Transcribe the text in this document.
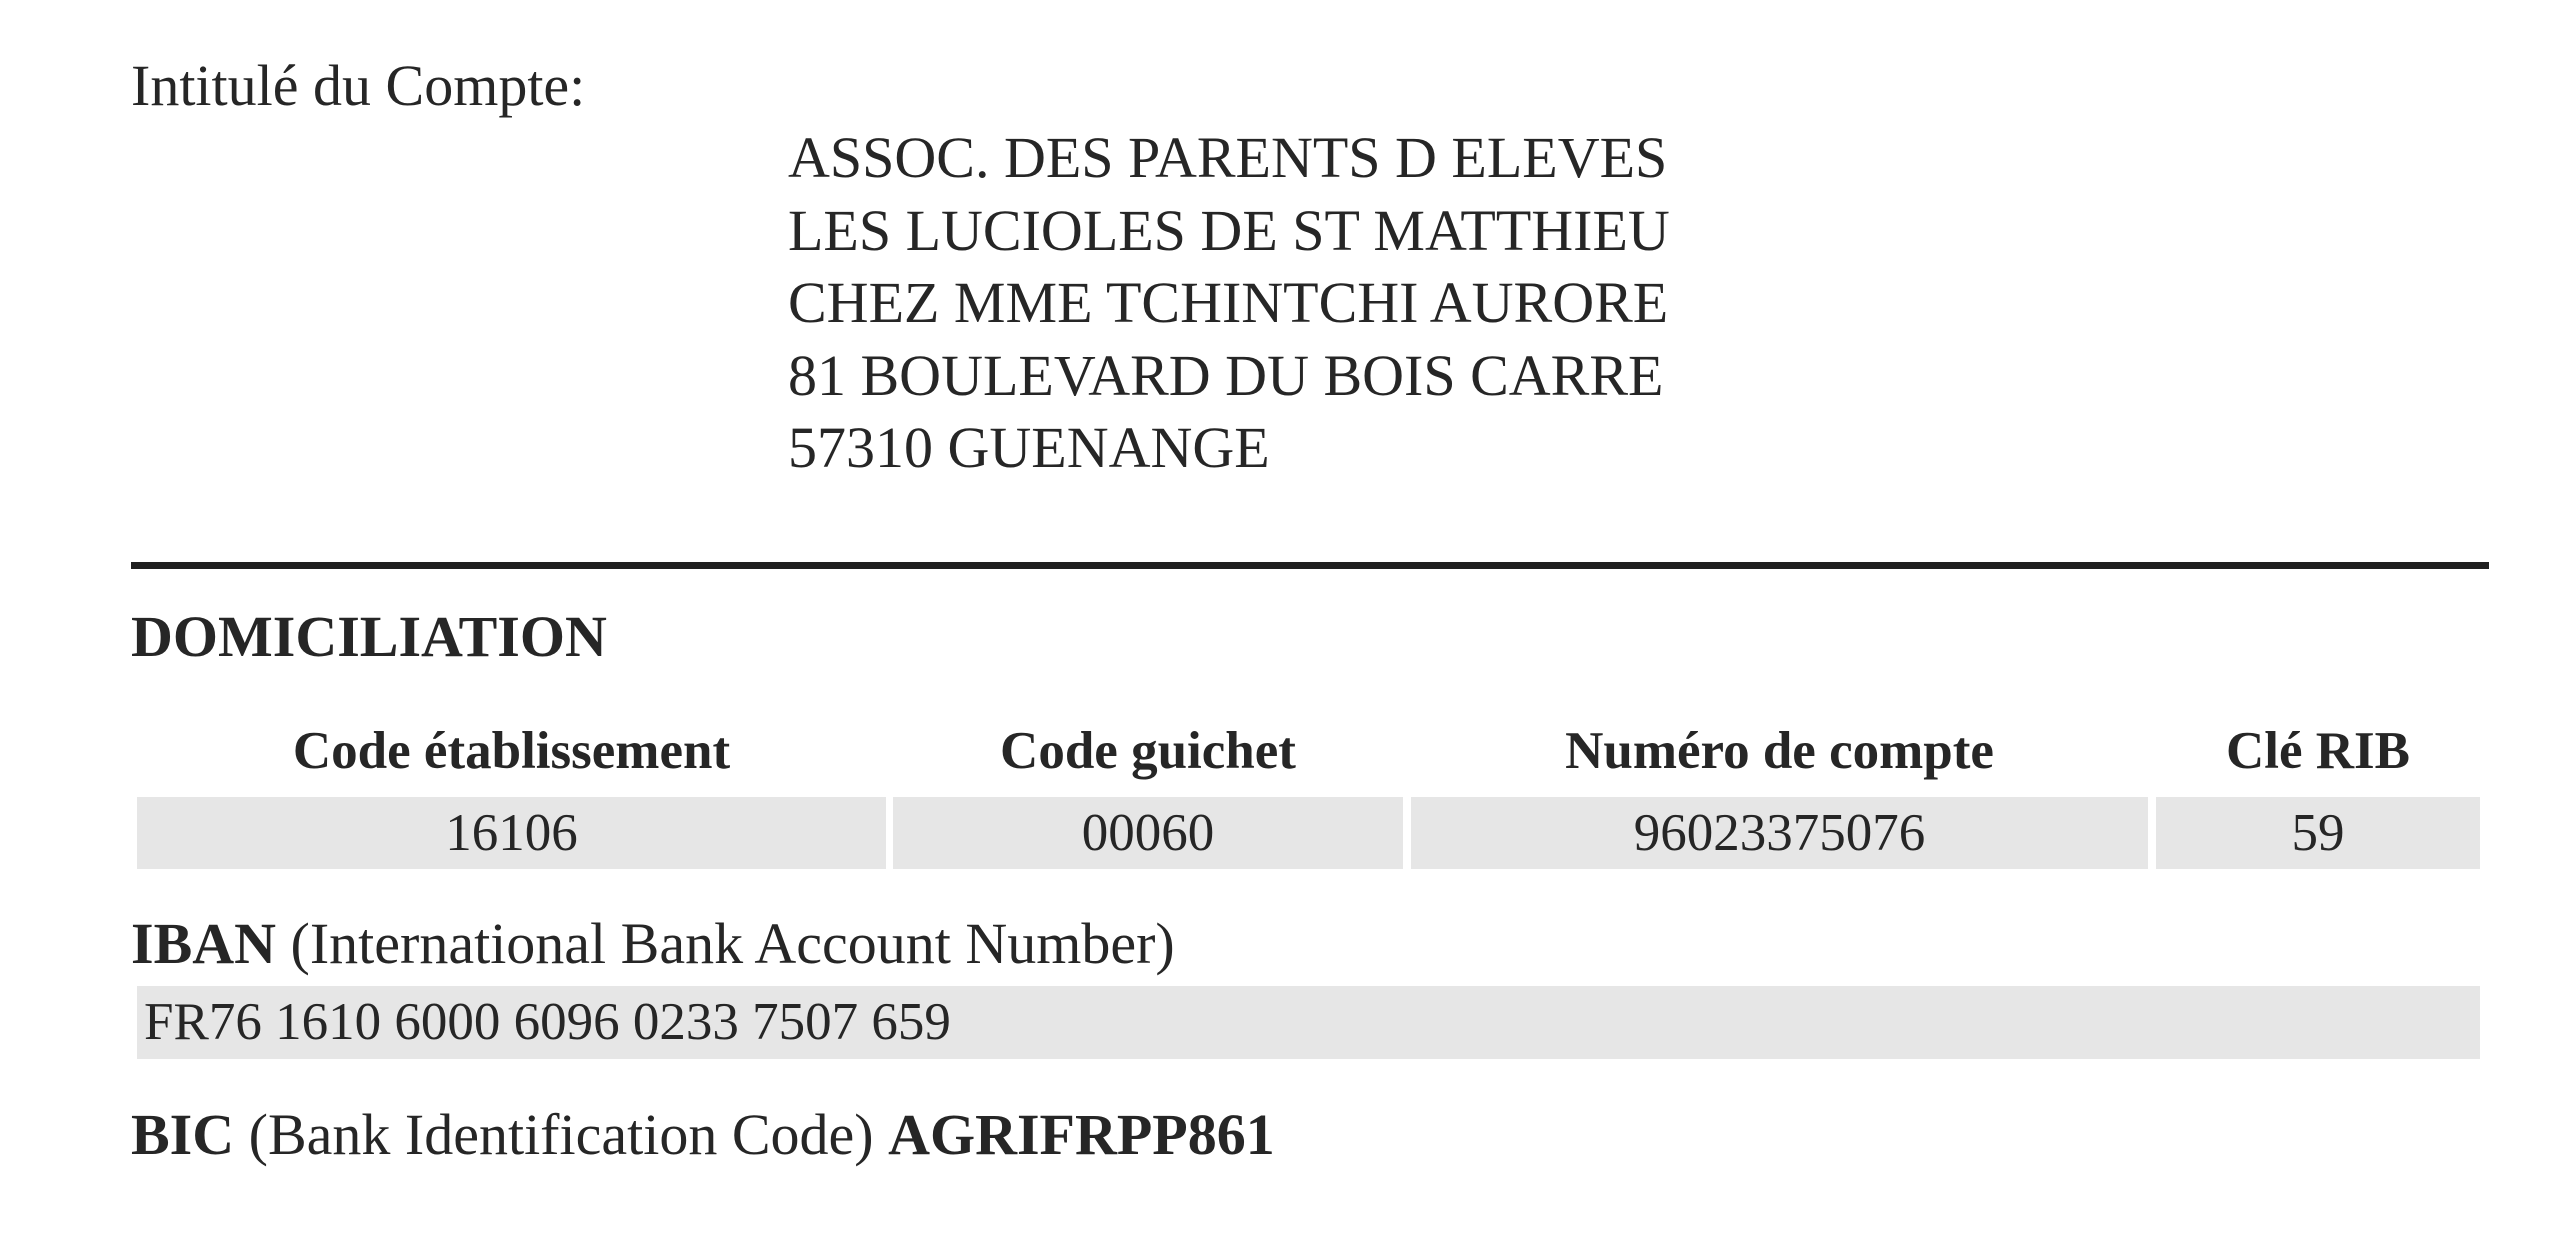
Intitulé du Compte:
ASSOC. DES PARENTS D ELEVES
LES LUCIOLES DE ST MATTHIEU
CHEZ MME TCHINTCHI AURORE
81 BOULEVARD DU BOIS CARRE
57310 GUENANGE
DOMICILIATION
Code établissement	Code guichet	Numéro de compte	Clé RIB
16106	00060	96023375076	59
IBAN (International Bank Account Number)
FR76 1610 6000 6096 0233 7507 659
BIC (Bank Identification Code) AGRIFRPP861
